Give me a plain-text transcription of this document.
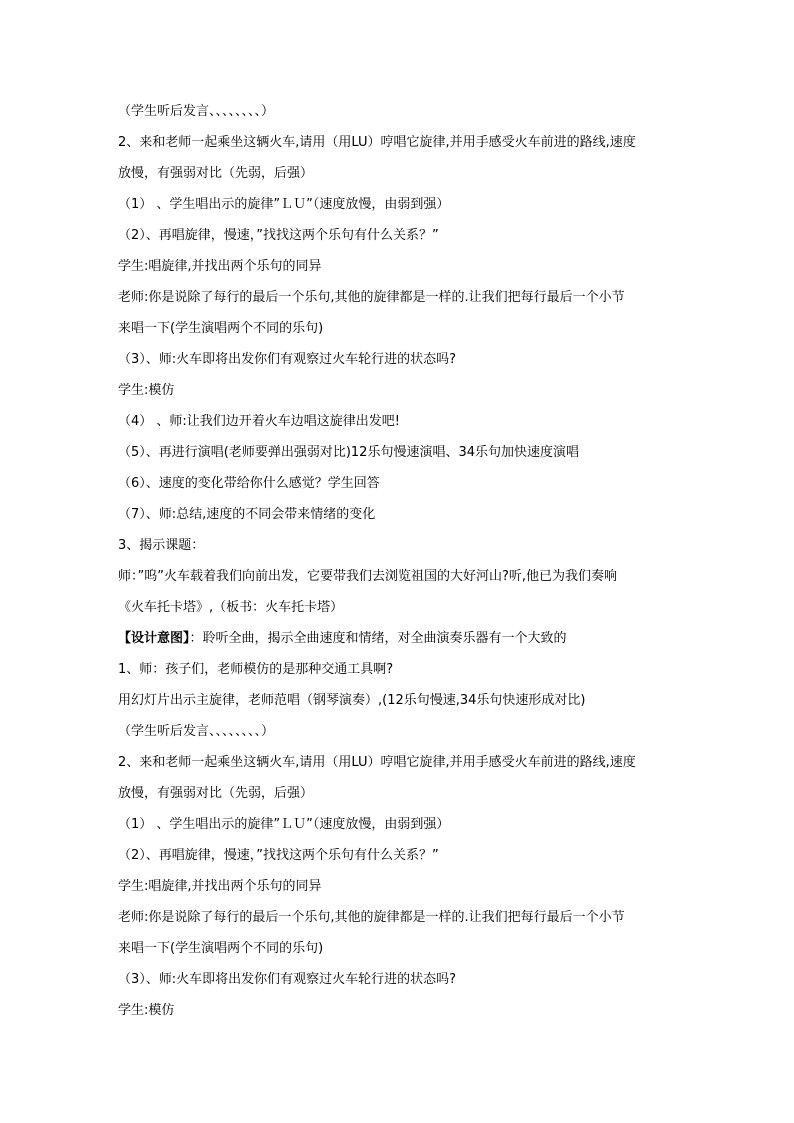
（学生听后发言、、、、、、、、）
2、来和老师一起乘坐这辆火车,请用（用LU）哼唱它旋律,并用手感受火车前进的路线,速度
放慢，有强弱对比（先弱，后强）
（1） 、学生唱出示的旋律”ＬＵ”（速度放慢，由弱到强）
（2）、再唱旋律，慢速，”找找这两个乐句有什么关系？”
学生:唱旋律,并找出两个乐句的同异
老师:你是说除了每行的最后一个乐句,其他的旋律都是一样的.让我们把每行最后一个小节
来唱一下(学生演唱两个不同的乐句)
（3）、师:火车即将出发你们有观察过火车轮行进的状态吗?
学生:模仿
（4） 、师:让我们边开着火车边唱这旋律出发吧!
（5）、再进行演唱(老师要弹出强弱对比)12乐句慢速演唱、34乐句加快速度演唱
（6）、速度的变化带给你什么感觉？学生回答
（7）、师:总结,速度的不同会带来情绪的变化
3、揭示课题：
师：”呜”火车载着我们向前出发，它要带我们去浏览祖国的大好河山?听,他已为我们奏响
《火车托卡塔》,（板书：火车托卡塔）
【设计意图】：聆听全曲，揭示全曲速度和情绪，对全曲演奏乐器有一个大致的
1、师：孩子们，老师模仿的是那种交通工具啊?
用幻灯片出示主旋律，老师范唱（钢琴演奏）,(12乐句慢速,34乐句快速形成对比)
（学生听后发言、、、、、、、、）
2、来和老师一起乘坐这辆火车,请用（用LU）哼唱它旋律,并用手感受火车前进的路线,速度
放慢，有强弱对比（先弱，后强）
（1） 、学生唱出示的旋律”ＬＵ”（速度放慢，由弱到强）
（2）、再唱旋律，慢速，”找找这两个乐句有什么关系？”
学生:唱旋律,并找出两个乐句的同异
老师:你是说除了每行的最后一个乐句,其他的旋律都是一样的.让我们把每行最后一个小节
来唱一下(学生演唱两个不同的乐句)
（3）、师:火车即将出发你们有观察过火车轮行进的状态吗?
学生:模仿
